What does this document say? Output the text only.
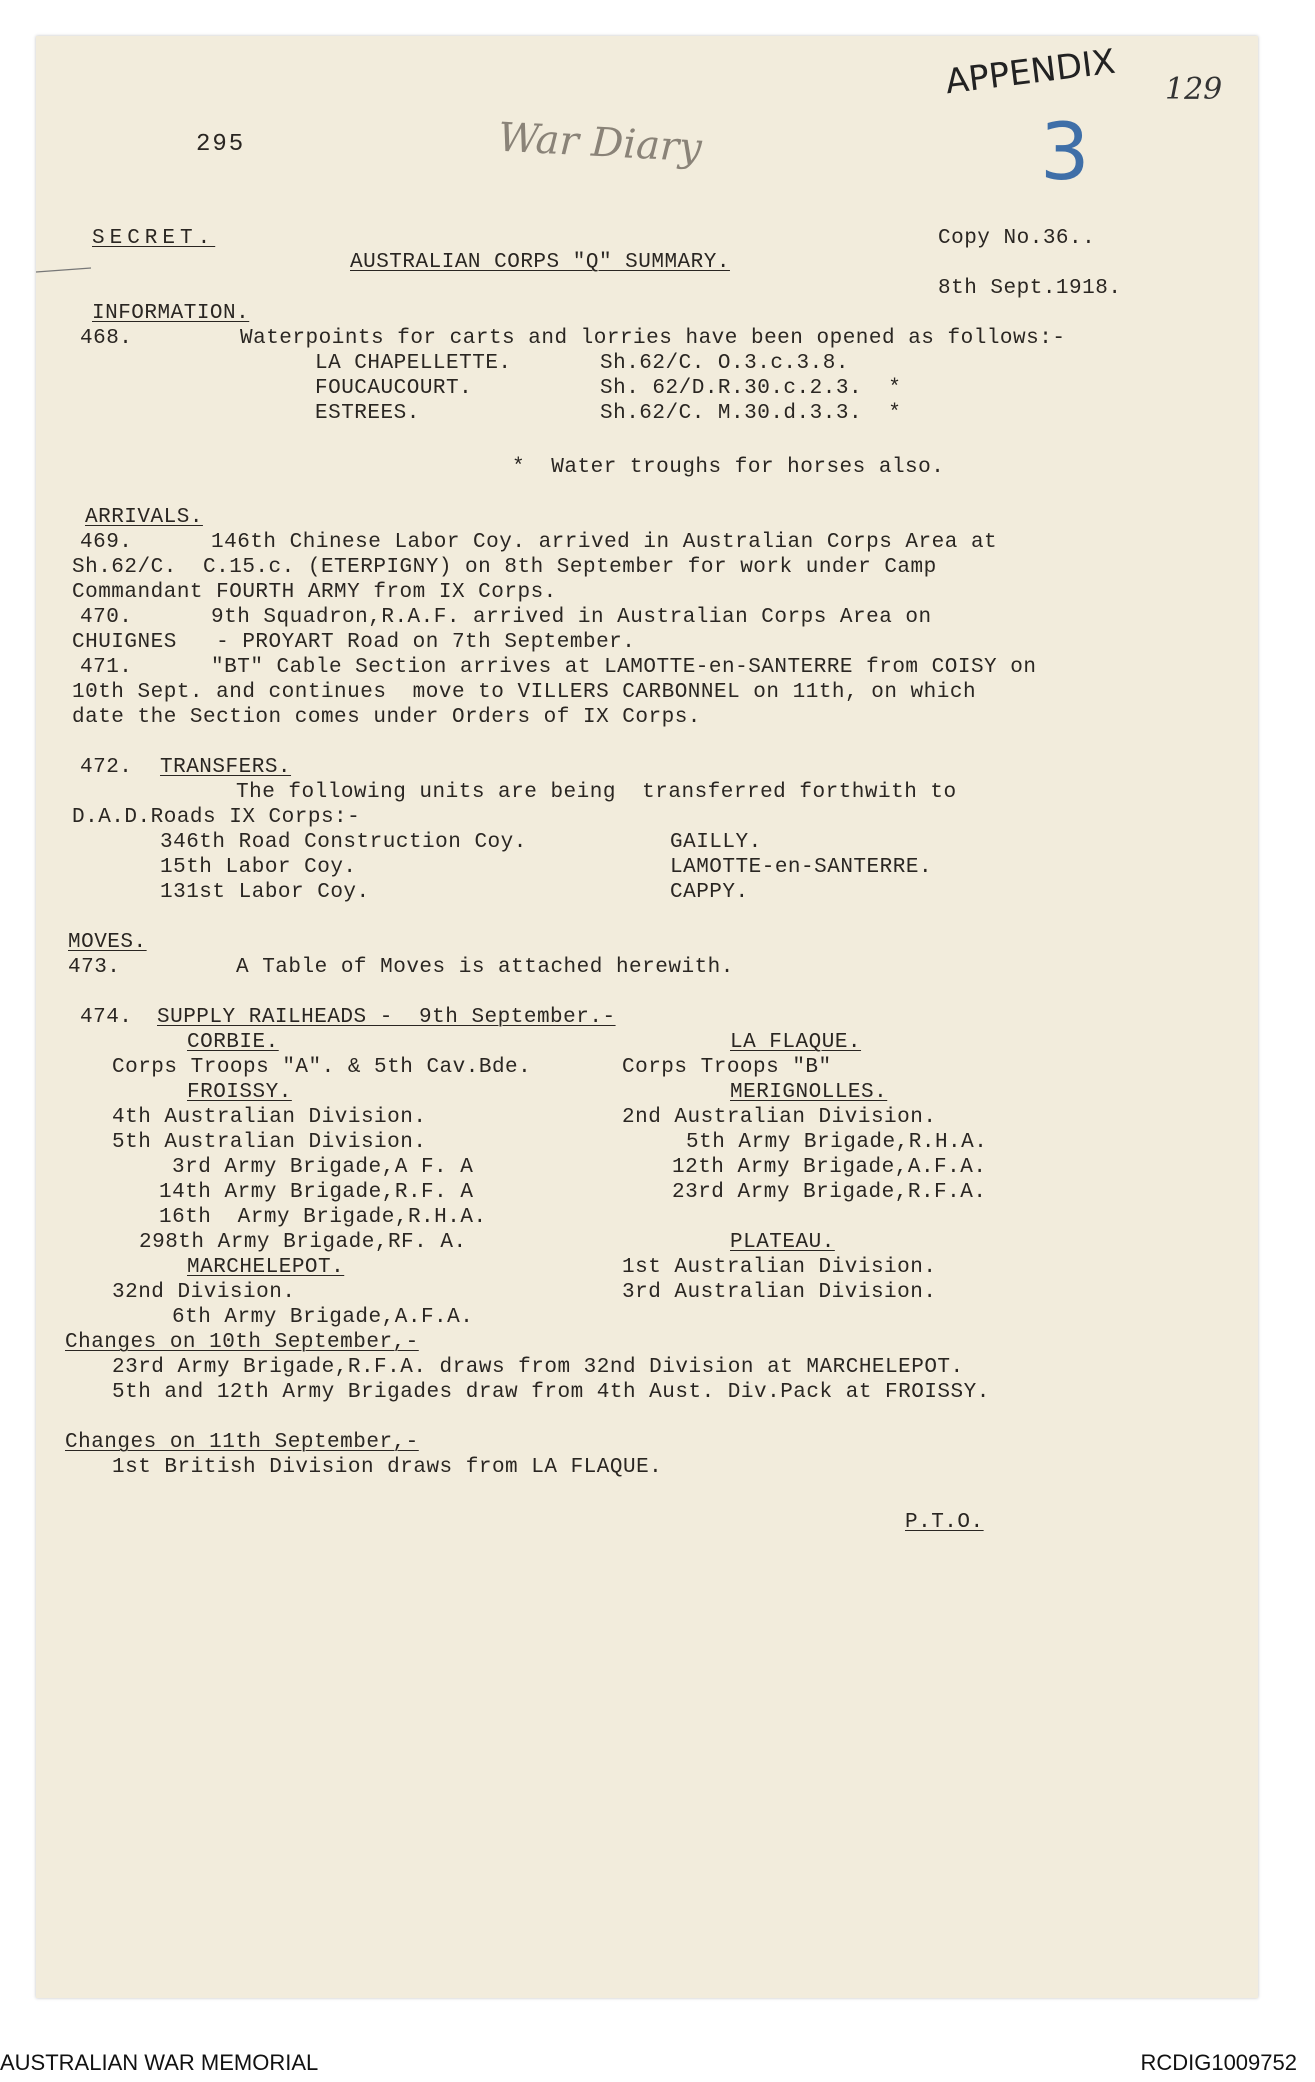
295	War Diary
APPENDIX 129
3
SECRET.
AUSTRALIAN CORPS "Q" SUMMARY.
Copy No.36..
8th Sept.1918.
INFORMATION.
468.	Waterpoints for carts and lorries have been opened as follows:-
LA CHAPELLETTE.	Sh.62/C. O.3.c.3.8.
FOUCAUCOURT.	Sh. 62/D.R.30.c.2.3.  *
ESTREES.	Sh.62/C. M.30.d.3.3.  *
*  Water troughs for horses also.
ARRIVALS.
469.      146th Chinese Labor Coy. arrived in Australian Corps Area at
Sh.62/C.  C.15.c. (ETERPIGNY) on 8th September for work under Camp
Commandant FOURTH ARMY from IX Corps.
470.      9th Squadron,R.A.F. arrived in Australian Corps Area on
CHUIGNES   - PROYART Road on 7th September.
471.      "BT" Cable Section arrives at LAMOTTE-en-SANTERRE from COISY on
10th Sept. and continues  move to VILLERS CARBONNEL on 11th, on which
date the Section comes under Orders of IX Corps.
472. TRANSFERS.
The following units are being  transferred forthwith to
D.A.D.Roads IX Corps:-
346th Road Construction Coy.	GAILLY.
15th Labor Coy.	LAMOTTE-en-SANTERRE.
131st Labor Coy.	CAPPY.
MOVES.
473.	A Table of Moves is attached herewith.
474. SUPPLY RAILHEADS -  9th September.-
CORBIE.
Corps Troops "A". & 5th Cav.Bde.
LA FLAQUE.
Corps Troops "B"
FROISSY.
4th Australian Division.
5th Australian Division.
3rd Army Brigade,A F. A
14th Army Brigade,R.F. A
16th  Army Brigade,R.H.A.
298th Army Brigade,RF. A.
MERIGNOLLES.
2nd Australian Division.
5th Army Brigade,R.H.A.
12th Army Brigade,A.F.A.
23rd Army Brigade,R.F.A.
MARCHELEPOT.
32nd Division.
6th Army Brigade,A.F.A.
PLATEAU.
1st Australian Division.
3rd Australian Division.
Changes on 10th September,-
23rd Army Brigade,R.F.A. draws from 32nd Division at MARCHELEPOT.
5th and 12th Army Brigades draw from 4th Aust. Div.Pack at FROISSY.
Changes on 11th September,-
1st British Division draws from LA FLAQUE.
P.T.O.
AUSTRALIAN WAR MEMORIAL	RCDIG1009752
